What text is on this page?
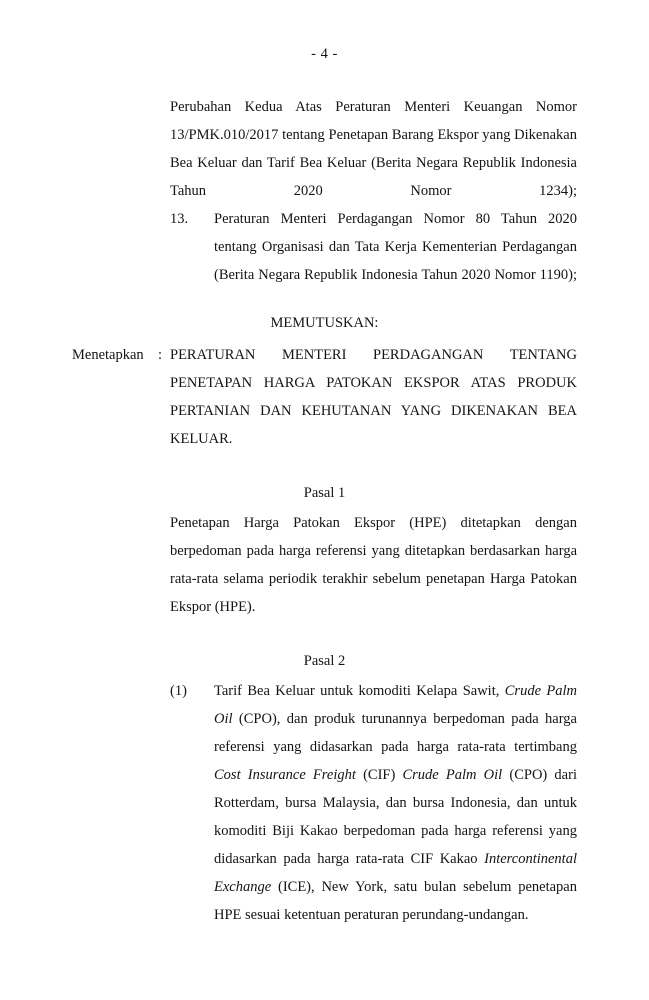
- 4 -

Perubahan Kedua Atas Peraturan Menteri Keuangan Nomor 13/PMK.010/2017 tentang Penetapan Barang Ekspor yang Dikenakan Bea Keluar dan Tarif Bea Keluar (Berita Negara Republik Indonesia Tahun 2020 Nomor 1234);

13.	Peraturan Menteri Perdagangan Nomor 80 Tahun 2020 tentang Organisasi dan Tata Kerja Kementerian Perdagangan (Berita Negara Republik Indonesia Tahun 2020 Nomor 1190);

MEMUTUSKAN:
Menetapkan : PERATURAN MENTERI PERDAGANGAN TENTANG PENETAPAN HARGA PATOKAN EKSPOR ATAS PRODUK PERTANIAN DAN KEHUTANAN YANG DIKENAKAN BEA KELUAR.

Pasal 1

Penetapan Harga Patokan Ekspor (HPE) ditetapkan dengan berpedoman pada harga referensi yang ditetapkan berdasarkan harga rata-rata selama periodik terakhir sebelum penetapan Harga Patokan Ekspor (HPE).

Pasal 2
(1)	Tarif Bea Keluar untuk komoditi Kelapa Sawit, Crude Palm Oil (CPO), dan produk turunannya berpedoman pada harga referensi yang didasarkan pada harga rata-rata tertimbang Cost Insurance Freight (CIF) Crude Palm Oil (CPO) dari Rotterdam, bursa Malaysia, dan bursa Indonesia, dan untuk komoditi Biji Kakao berpedoman pada harga referensi yang didasarkan pada harga rata-rata CIF Kakao Intercontinental Exchange (ICE), New York, satu bulan sebelum penetapan HPE sesuai ketentuan peraturan perundang-undangan.
